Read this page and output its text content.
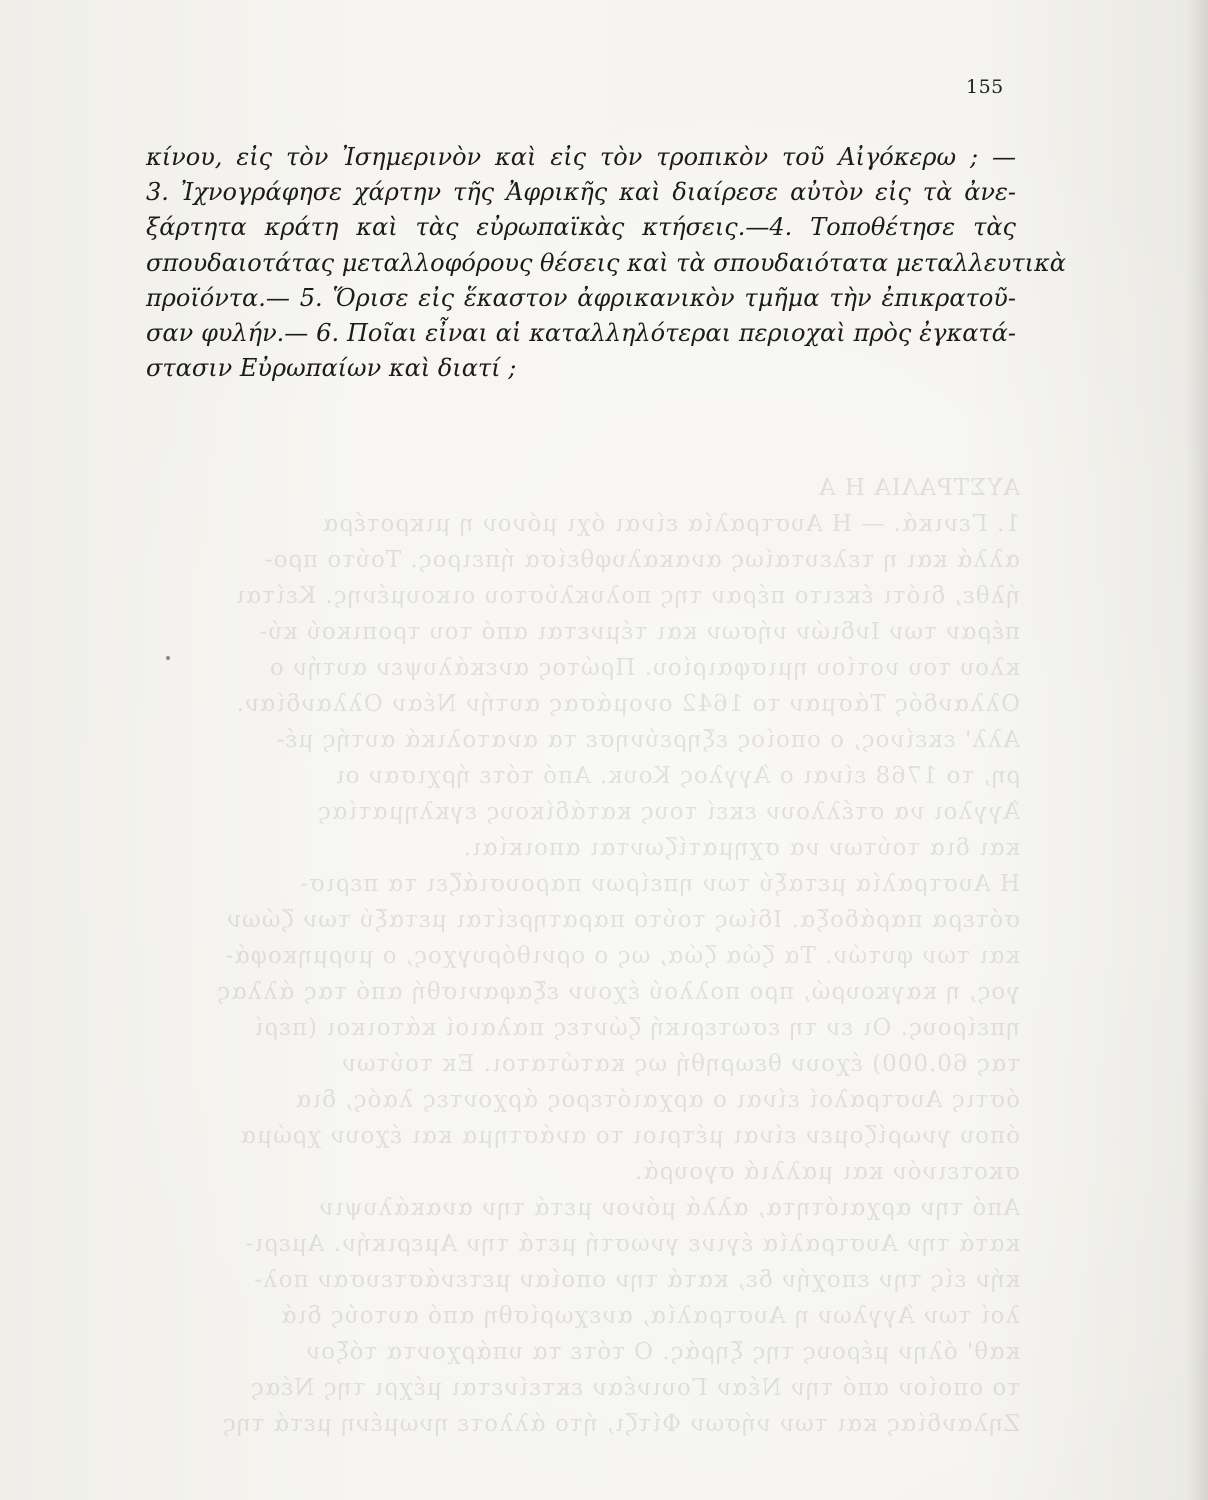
ΑΥΣΤΡΑΛΙΑ Η Α
1. Γενικά. — Η Αυστραλία είναι όχι μόνον η μικροτέρα
αλλά και η τελευταίως ανακαλυφθείσα ήπειρος. Τούτο προ-
ήλθε, διότι έκειτο πέραν της πολυκλύστου οικουμένης. Κείται
πέραν των Ινδιών νήσων και τέμνεται από του τροπικού κύ-
κλου του νοτίου ημισφαιρίου. Πρώτος ανεκάλυψεν αυτήν ο
Ολλανδός Τάσμαν το 1642 ονομάσας αυτήν Νέαν Ολλανδίαν.
Αλλ' εκείνος, ο οποίος εξηρεύνησε τα ανατολικά αυτής μέ-
ρη, το 1768 είναι ο Άγγλος Κουκ. Από τότε ήρχισαν οι
Άγγλοι να στέλλουν εκεί τους κατάδίκους εγκληματίας
και δια τούτων να σχηματίζωνται αποικίαι.
Η Αυστραλία μεταξύ των ηπείρων παρουσιάζει τα περισ-
σότερα παράδοξα. Ιδίως τούτο παρατηρείται μεταξύ των ζώων
και των φυτών. Τα ζώα ζώα, ως ο ορνιθόρυγχος, ο μυρμηκοφά-
γος, η καγκουρώ, προ πολλού έχουν εξαφανισθή από τας άλλας
ηπείρους. Οι εν τη εσωτερική ζώντες παλαιοί κάτοικοι (περί
τας 60.000) έχουν θεωρηθή ως κατώτατοι. Εκ τούτων
όστις Αυστραλοί είναι ο αρχαιότερος άρχοντες λαός, δια
όπου γνωρίζομεν είναι μέτριοι το ανάστημα και έχουν χρώμα
σκοτεινόν και μαλλιά σγουρά.
Από την αρχαιότητα, αλλά μόνον μετά την ανακάλυψιν
κατά την Αυστραλία έγινε γνωστή μετά την Αμερικήν. Αμερι-
κήν είς την εποχήν δε, κατά την οποίαν μετενάστευσαν πολ-
λοί των Άγγλων η Αυστραλία, ανεχωρίσθη από αυτούς διά
καθ' όλην μέρους της ξηράς. Ο τότε τα υπάρχοντα τόξον
το οποίον από την Νέαν Γουινέαν εκτείνεται μέχρι της Νέας
Ζηλανδίας και των νήσων Φίτζι, ήτο άλλοτε ηνωμένη μετά της
155
κίνου, εἰς τὸν Ἰσημερινὸν καὶ εἰς τὸν τροπικὸν τοῦ Αἰγόκερω ; —
3. Ἰχνογράφησε χάρτην τῆς Ἀφρικῆς καὶ διαίρεσε αὐτὸν εἰς τὰ ἀνε-
ξάρτητα κράτη καὶ τὰς εὐρωπαϊκὰς κτήσεις.—4. Τοποθέτησε τὰς
σπουδαιοτάτας μεταλλοφόρους θέσεις καὶ τὰ σπουδαιότατα μεταλλευτικὰ
προϊόντα.— 5. Ὅρισε εἰς ἕκαστον ἀφρικανικὸν τμῆμα τὴν ἐπικρατοῦ-
σαν φυλήν.— 6. Ποῖαι εἶναι αἱ καταλληλότεραι περιοχαὶ πρὸς ἐγκατά-
στασιν Εὐρωπαίων καὶ διατί ;
